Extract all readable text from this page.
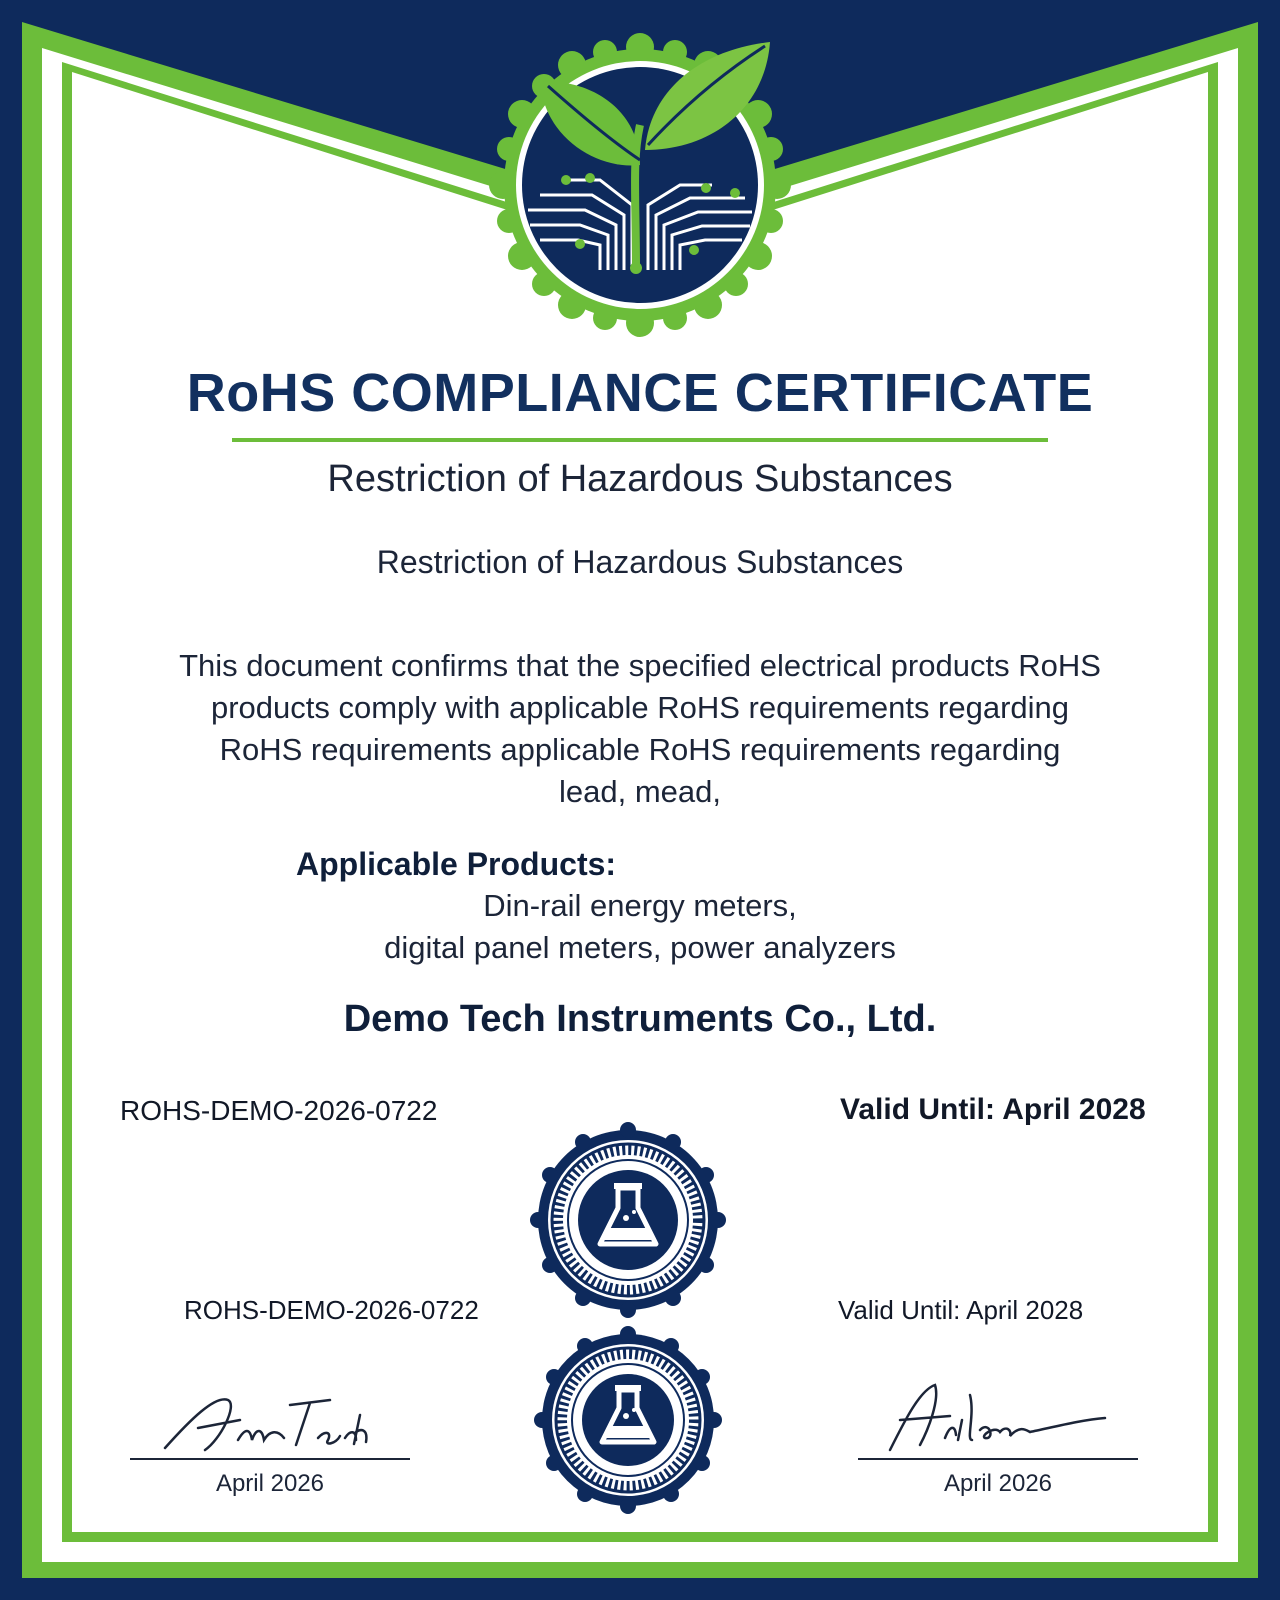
RoHS COMPLIANCE CERTIFICATE
Restriction of Hazardous Substances
Restriction of Hazardous Substances
This document confirms that the specified electrical products RoHS
products comply with applicable RoHS requirements regarding
RoHS requirements applicable RoHS requirements regarding
lead, mead,
Applicable Products:
Din-rail energy meters,
digital panel meters, power analyzers
Demo Tech Instruments Co., Ltd.
ROHS-DEMO-2026-0722	Valid Until: April 2028
ROHS-DEMO-2026-0722	Valid Until: April 2028
April 2026	April 2026
